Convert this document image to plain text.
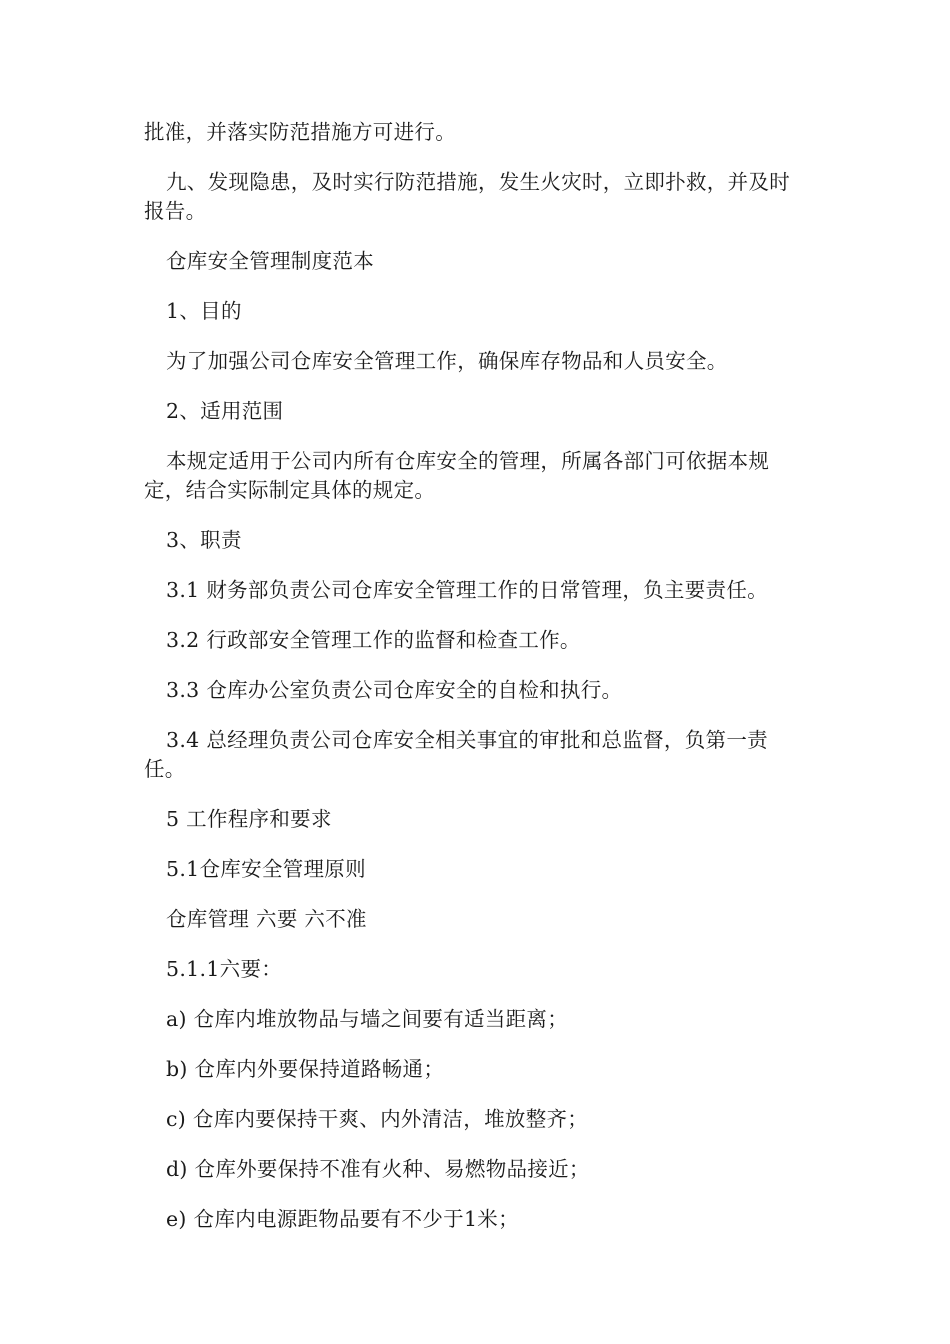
批准，并落实防范措施方可进行。

九、发现隐患，及时实行防范措施，发生火灾时，立即扑救，并及时报告。

仓库安全管理制度范本

1、目的

为了加强公司仓库安全管理工作，确保库存物品和人员安全。

2、适用范围

本规定适用于公司内所有仓库安全的管理，所属各部门可依据本规定，结合实际制定具体的规定。

3、职责

3.1 财务部负责公司仓库安全管理工作的日常管理，负主要责任。

3.2 行政部安全管理工作的监督和检查工作。

3.3 仓库办公室负责公司仓库安全的自检和执行。

3.4 总经理负责公司仓库安全相关事宜的审批和总监督，负第一责任。

5 工作程序和要求

5.1仓库安全管理原则

仓库管理 六要 六不准

5.1.1六要：

a) 仓库内堆放物品与墙之间要有适当距离；

b) 仓库内外要保持道路畅通；

c) 仓库内要保持干爽、内外清洁，堆放整齐；

d) 仓库外要保持不准有火种、易燃物品接近；

e) 仓库内电源距物品要有不少于1米；
